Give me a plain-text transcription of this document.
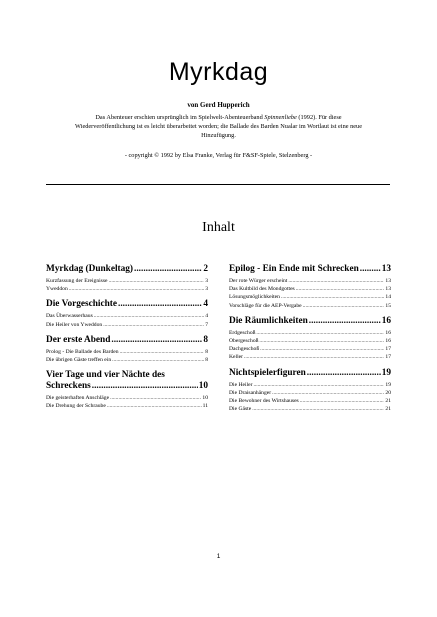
Myrkdag
von Gerd Hupperich
Das Abenteuer erschien ursprünglich im Spielwelt-Abenteuerband Spinnenliebe (1992). Für diese Wiederveröffentlichung ist es leicht überarbeitet worden; die Ballade des Barden Nualar im Wortlaut ist eine neue Hinzufügung.
- copyright © 1992 by Elsa Franke, Verlag für F&SF-Spiele, Stelzenberg -
Inhalt
Myrkdag (Dunkeltag) .....	2
Kurzfassung der Ereignisse .....	3
Yweddon .....	3
Die Vorgeschichte .....	4
Das Überwasserhaus .....	4
Die Heiler von Yweddon .....	7
Der erste Abend .....	8
Prolog - Die Ballade des Barden .....	8
Die übrigen Gäste treffen ein .....	8
Vier Tage und vier Nächte des
Schreckens .....	10
Die geisterhaften Anschläge .....	10
Die Drehung der Schraube .....	11
Epilog - Ein Ende mit Schrecken ..... 13
Der rote Würger erscheint .....	13
Das Kultbild des Mondgottes .....	13
Lösungsmöglichkeiten .....	14
Vorschläge für die AEP-Vergabe .....	15
Die Räumlichkeiten .....	16
Erdgeschoß .....	16
Obergeschoß .....	16
Dachgeschoß .....	17
Keller .....	17
Nichtspielerfiguren .....	19
Die Heiler .....	19
Die Draisanhänger .....	20
Die Bewohner des Wirtshauses .....	21
Die Gäste .....	21
1
